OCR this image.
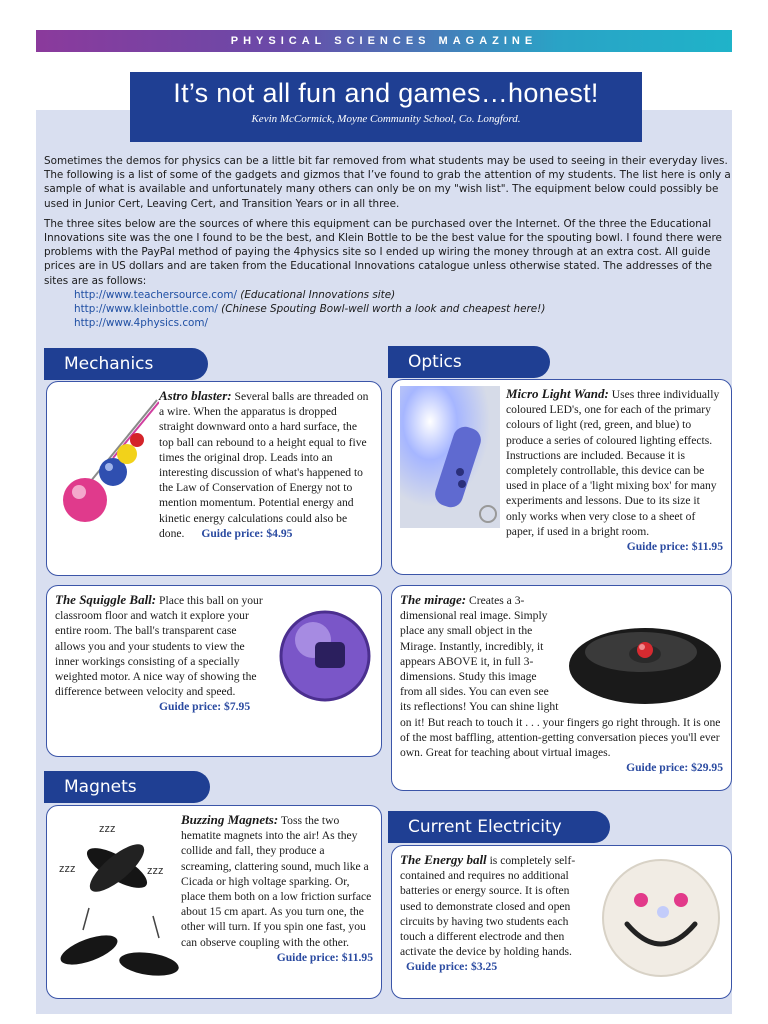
PHYSICAL SCIENCES MAGAZINE
It’s not all fun and games…honest!
Kevin McCormick, Moyne Community School, Co. Longford.

Sometimes the demos for physics can be a little bit far removed from what students may be used to seeing in their everyday lives. The following is a list of some of the gadgets and gizmos that I’ve found to grab the attention of my students. The list here is only a sample of what is available and unfortunately many others can only be on my "wish list". The equipment below could possibly be used in Junior Cert, Leaving Cert, and Transition Years or in all three.

The three sites below are the sources of where this equipment can be purchased over the Internet. Of the three the Educational Innovations site was the one I found to be the best, and Klein Bottle to be the best value for the spouting bowl. I found there were problems with the PayPal method of paying the 4physics site so I ended up wiring the money through at an extra cost. All guide prices are in US dollars and are taken from the Educational Innovations catalogue unless otherwise stated. The addresses of the sites are as follows:

http://www.teachersource.com/ (Educational Innovations site)
http://www.kleinbottle.com/ (Chinese Spouting Bowl-well worth a look and cheapest here!)
http://www.4physics.com/
Mechanics	Optics
Magnets
Current Electricity
Astro blaster: Several balls are threaded on a wire. When the apparatus is dropped straight downward onto a hard surface, the top ball can rebound to a height equal to five times the original drop. Leads into an interesting discussion of what's happened to the Law of Conservation of Energy not to mention momentum. Potential energy and kinetic energy calculations could also be done. Guide price: $4.95
Micro Light Wand: Uses three individually coloured LED's, one for each of the primary colours of light (red, green, and blue) to produce a series of coloured lighting effects. Instructions are included. Because it is completely controllable, this device can be used in place of a 'light mixing box' for many experiments and lessons. Due to its size it only works when very close to a sheet of paper, if used in a bright room.
Guide price: $11.95
The Squiggle Ball: Place this ball on your classroom floor and watch it explore your entire room. The ball's transparent case allows you and your students to view the inner workings consisting of a specially weighted motor. A nice way of showing the difference between velocity and speed.
Guide price: $7.95
The mirage: Creates a 3-dimensional real image. Simply place any small object in the Mirage. Instantly, incredibly, it appears ABOVE it, in full 3-dimensions. Study this image from all sides. You can even see its reflections! You can shine light on it! But reach to touch it . . . your fingers go right through. It is one of the most baffling, attention-getting conversation pieces you'll ever own. Great for teaching about virtual images.
Guide price: $29.95
zzz
zzz	zzz
Buzzing Magnets: Toss the two hematite magnets into the air! As they collide and fall, they produce a screaming, clattering sound, much like a Cicada or high voltage sparking. Or, place them both on a low friction surface about 15 cm apart. As you turn one, the other will turn. If you spin one fast, you can observe coupling with the other.
Guide price: $11.95
The Energy ball is completely self-contained and requires no additional batteries or energy source. It is often used to demonstrate closed and open circuits by having two students each touch a different electrode and then activate the device by holding hands. Guide price: $3.25
